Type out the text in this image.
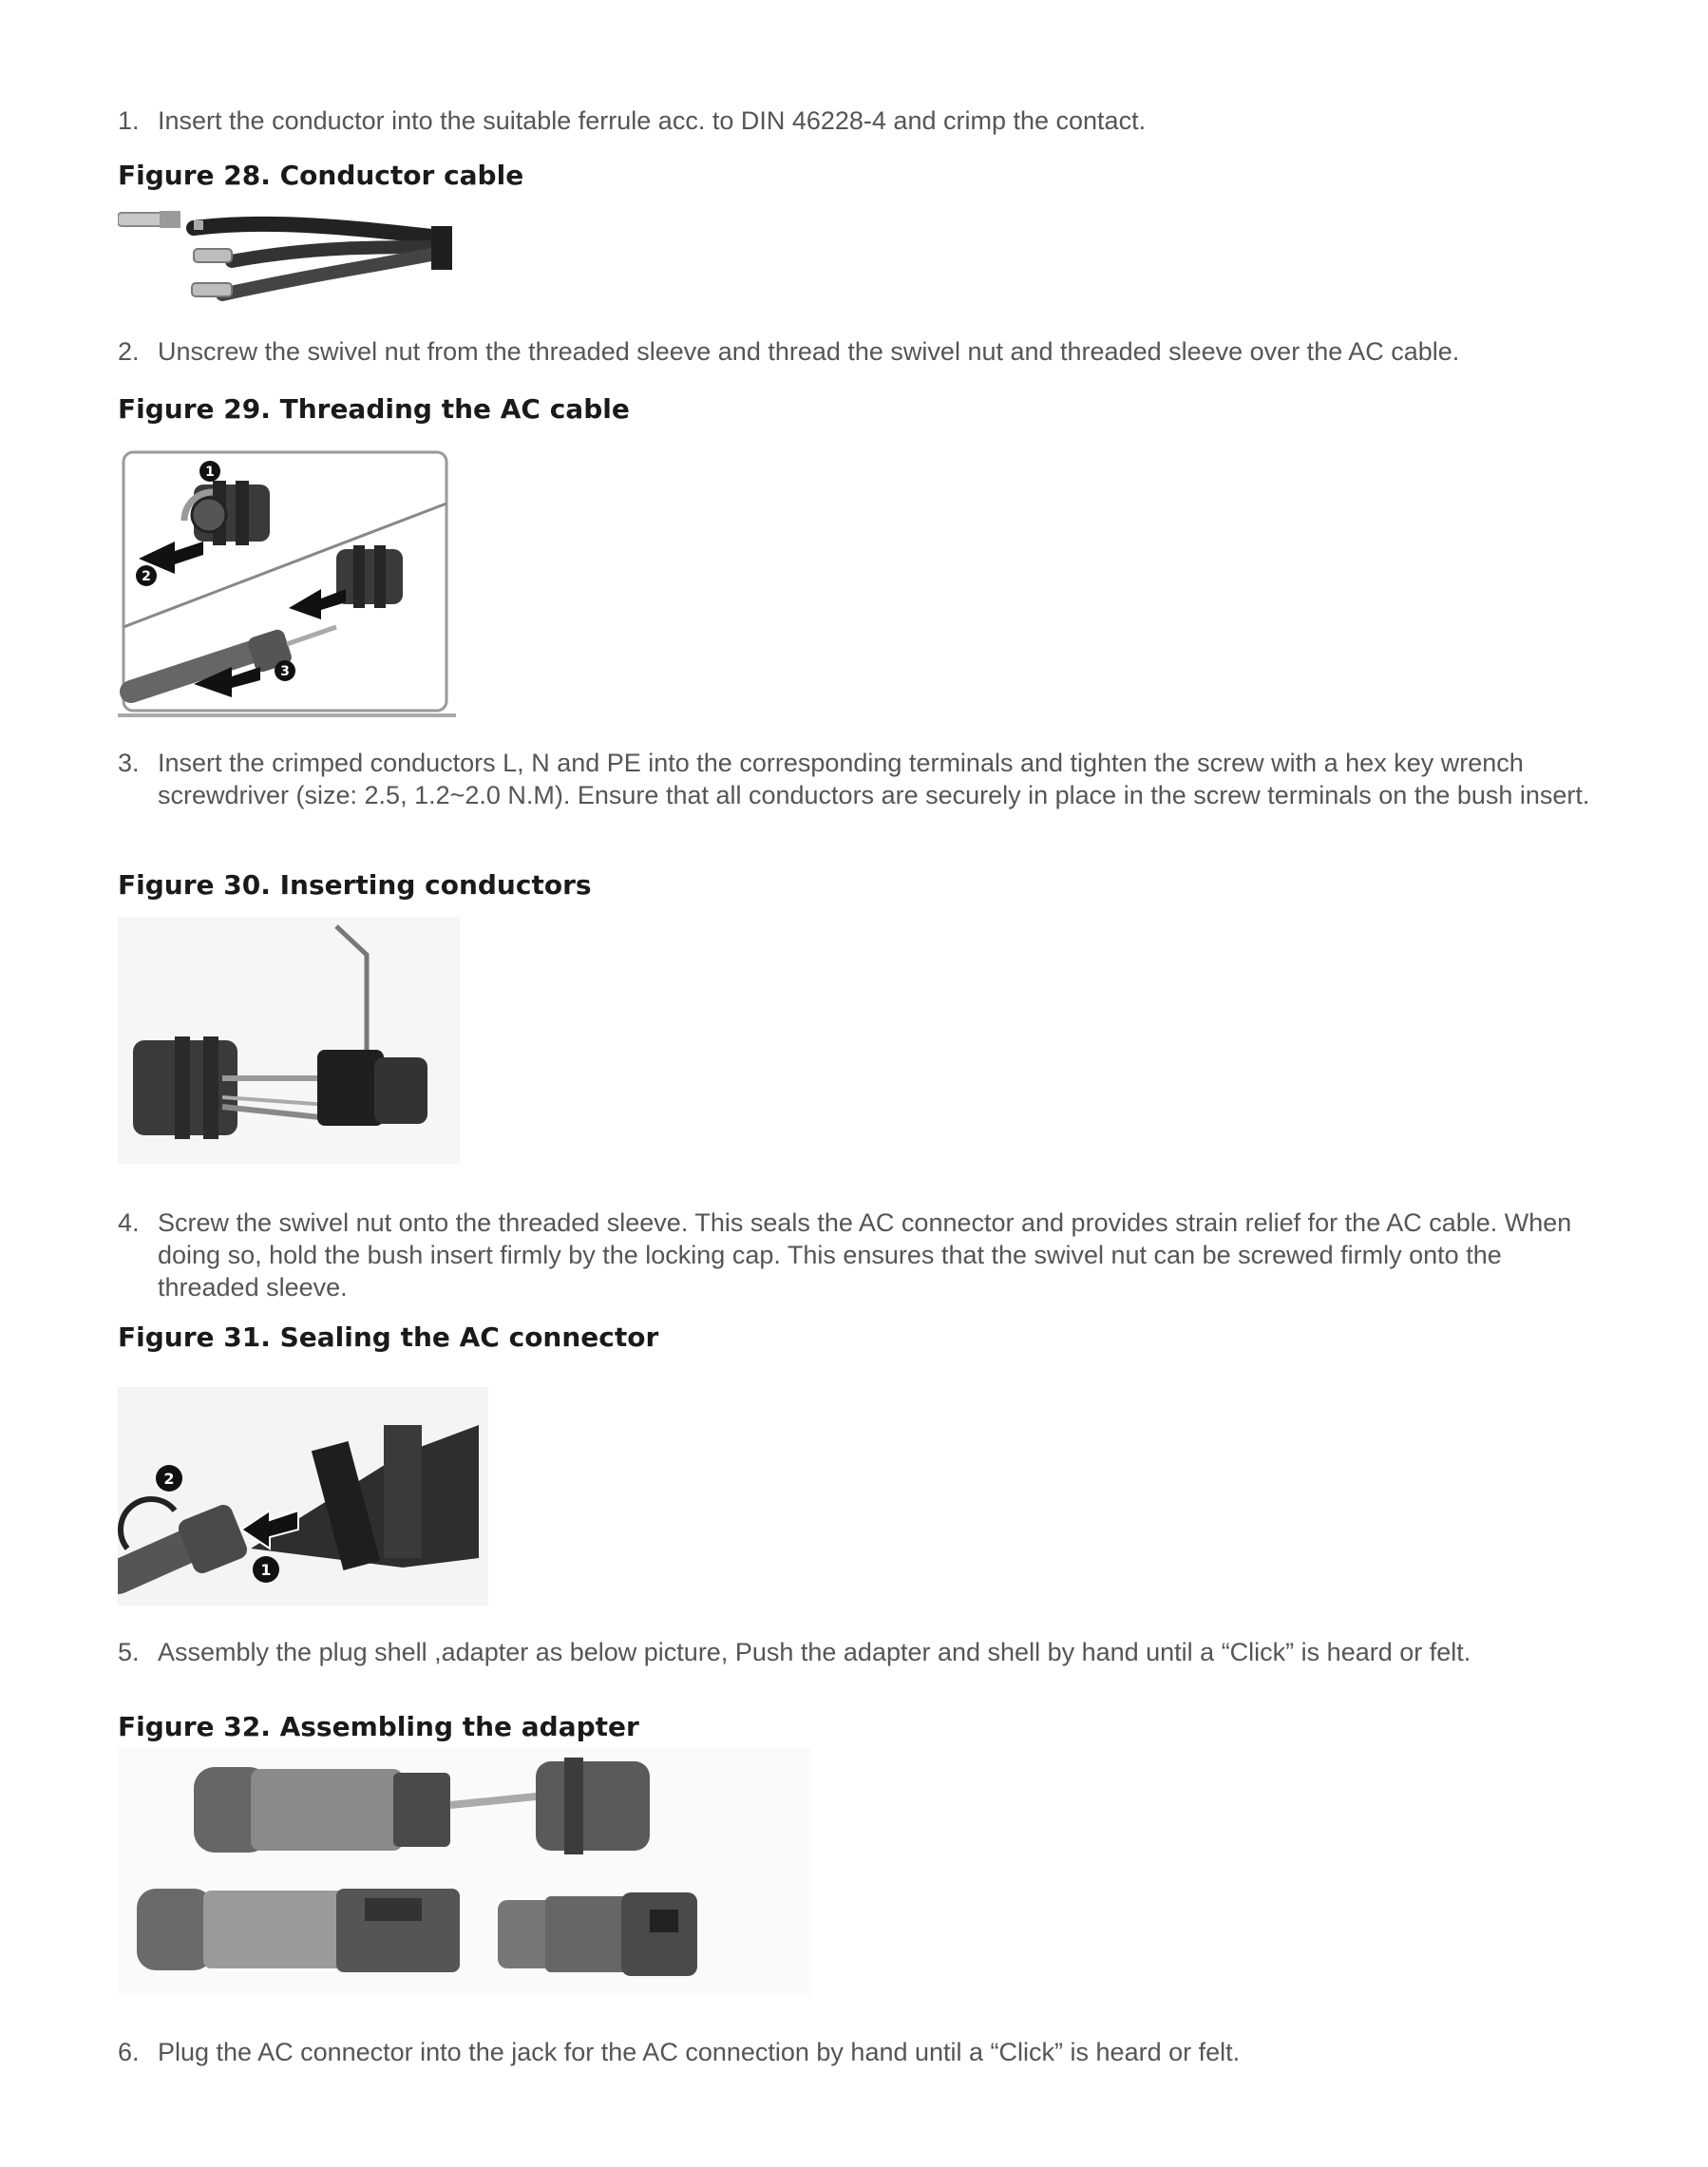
1. Insert the conductor into the suitable ferrule acc. to DIN 46228-4 and crimp the contact.
Figure 28. Conductor cable
2. Unscrew the swivel nut from the threaded sleeve and thread the swivel nut and threaded sleeve over the AC cable.
Figure 29. Threading the AC cable
1
2
3
3. Insert the crimped conductors L, N and PE into the corresponding terminals and tighten the screw with a hex key wrench screwdriver (size: 2.5, 1.2~2.0 N.M). Ensure that all conductors are securely in place in the screw terminals on the bush insert.
Figure 30. Inserting conductors
4. Screw the swivel nut onto the threaded sleeve. This seals the AC connector and provides strain relief for the AC cable. When doing so, hold the bush insert firmly by the locking cap. This ensures that the swivel nut can be screwed firmly onto the threaded sleeve.
Figure 31. Sealing the AC connector
2
1
5. Assembly the plug shell ,adapter as below picture, Push the adapter and shell by hand until a “Click” is heard or felt.
Figure 32. Assembling the adapter
6. Plug the AC connector into the jack for the AC connection by hand until a “Click” is heard or felt.
